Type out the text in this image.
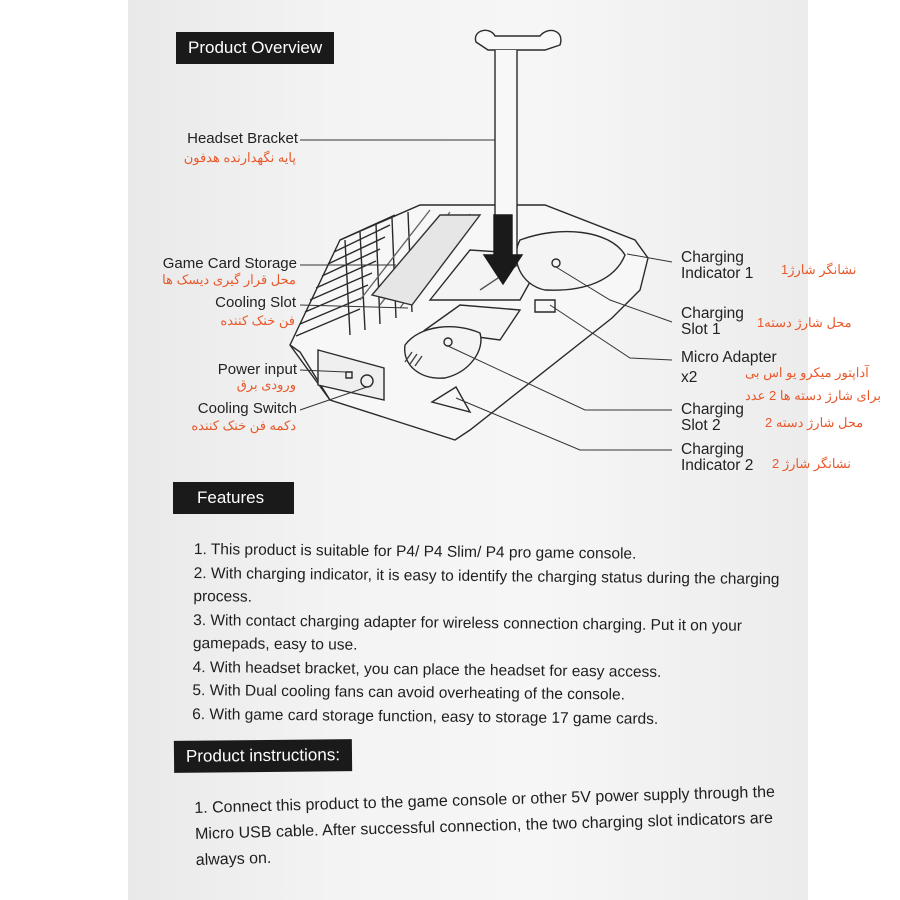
Product Overview
Headset Bracket
پایه نگهدارنده هدفون
Game Card Storage
محل قرار گیری دیسک ها
Cooling Slot
فن خنک کننده
Power input
ورودی برق
Cooling Switch
دکمه فن خنک کننده
Charging
Indicator 1 نشانگر شارژ1
Charging
Slot 1	محل شارژ دسته1
Micro Adapter
x2	آداپتور میکرو یو اس بی
برای شارژ دسته ها 2 عدد
Charging
Slot 2	محل شارژ دسته 2
Charging
Indicator 2 نشانگر شارژ 2
Features

1. This product is suitable for P4/ P4 Slim/ P4 pro game console.

2. With charging indicator, it is easy to identify the charging status during the charging process.

3. With contact charging adapter for wireless connection charging. Put it on your gamepads, easy to use.

4. With headset bracket, you can place the headset for easy access.

5. With Dual cooling fans can avoid overheating of the console.

6. With game card storage function, easy to storage 17 game cards.

Product instructions:

1. Connect this product to the game console or other 5V power supply through the Micro USB cable. After successful connection, the two charging slot indicators are always on.
